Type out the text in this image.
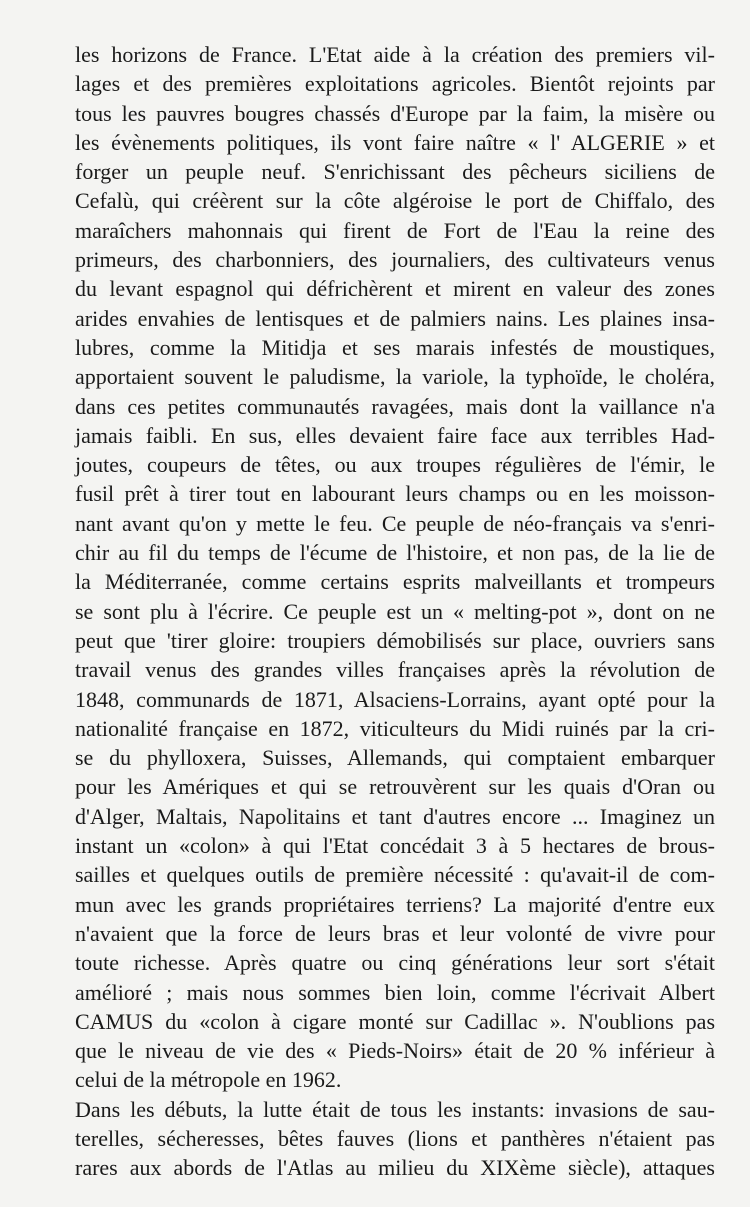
les horizons de France. L'Etat aide à la création des premiers vil-
lages et des premières exploitations agricoles. Bientôt rejoints par
tous les pauvres bougres chassés d'Europe par la faim, la misère ou
les évènements politiques, ils vont faire naître « l' ALGERIE » et
forger un peuple neuf. S'enrichissant des pêcheurs siciliens de
Cefalù, qui créèrent sur la côte algéroise le port de Chiffalo, des
maraîchers mahonnais qui firent de Fort de l'Eau la reine des
primeurs, des charbonniers, des journaliers, des cultivateurs venus
du levant espagnol qui défrichèrent et mirent en valeur des zones
arides envahies de lentisques et de palmiers nains. Les plaines insa-
lubres, comme la Mitidja et ses marais infestés de moustiques,
apportaient souvent le paludisme, la variole, la typhoïde, le choléra,
dans ces petites communautés ravagées, mais dont la vaillance n'a
jamais faibli. En sus, elles devaient faire face aux terribles Had-
joutes, coupeurs de têtes, ou aux troupes régulières de l'émir, le
fusil prêt à tirer tout en labourant leurs champs ou en les moisson-
nant avant qu'on y mette le feu. Ce peuple de néo-français va s'enri-
chir au fil du temps de l'écume de l'histoire, et non pas, de la lie de
la Méditerranée, comme certains esprits malveillants et trompeurs
se sont plu à l'écrire. Ce peuple est un « melting-pot », dont on ne
peut que 'tirer gloire: troupiers démobilisés sur place, ouvriers sans
travail venus des grandes villes françaises après la révolution de
1848, communards de 1871, Alsaciens-Lorrains, ayant opté pour la
nationalité française en 1872, viticulteurs du Midi ruinés par la cri-
se du phylloxera, Suisses, Allemands, qui comptaient embarquer
pour les Amériques et qui se retrouvèrent sur les quais d'Oran ou
d'Alger, Maltais, Napolitains et tant d'autres encore ... Imaginez un
instant un «colon» à qui l'Etat concédait 3 à 5 hectares de brous-
sailles et quelques outils de première nécessité : qu'avait-il de com-
mun avec les grands propriétaires terriens? La majorité d'entre eux
n'avaient que la force de leurs bras et leur volonté de vivre pour
toute richesse. Après quatre ou cinq générations leur sort s'était
amélioré ; mais nous sommes bien loin, comme l'écrivait Albert
CAMUS du «colon à cigare monté sur Cadillac ». N'oublions pas
que le niveau de vie des « Pieds-Noirs» était de 20 % inférieur à
celui de la métropole en 1962.
Dans les débuts, la lutte était de tous les instants: invasions de sau-
terelles, sécheresses, bêtes fauves (lions et panthères n'étaient pas
rares aux abords de l'Atlas au milieu du XIXème siècle), attaques
